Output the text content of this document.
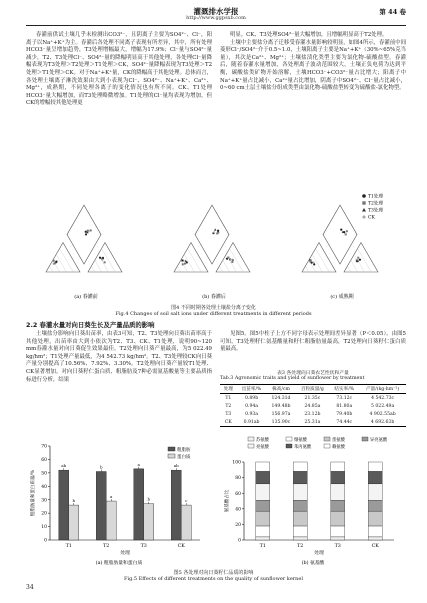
灌溉排水学报
http://www.ggpsxb.com
第 44 卷

春灌前供试土壤几乎未检测出CO3²⁻，且阴离子主要为SO4²⁻、Cl⁻，阳离子以Na⁺+K⁺为主。春灌后各处理不同离子表现有所差异，其中，所有处理HCO3⁻量呈增加趋势，T3处理增幅最大，增幅为17.9%；Cl⁻量与SO4²⁻量减少，T2、T3处理Cl⁻、SO4²⁻量的降幅明显高于其他处理，各处理Cl⁻量降幅表现为T3处理＞T2处理＞T1处理＞CK，SO4²⁻量降幅表现为T3处理＞T2处理＞T1处理＞CK。对于Na⁺+K⁺量，CK的降幅高于其他处理。总体而言，各处理土壤离子淋洗效果由大到小表现为Cl⁻、SO4²⁻、Na⁺+K⁺、Ca²⁺、Mg²⁺，成熟期，不同处理各离子的变化情况也有所不同。CK、T1处理HCO3⁻量大幅增加，而T3处理略微增加。T1处理的Cl⁻量均表现为增加，但CK的增幅较其他处理更

明显。CK、T3处理SO4²⁻量大幅增加，且增幅明显高于T2处理。

土壤中主要盐分离子迁移受春灌水量影响较明显，如图4所示，春灌前中间菱形Cl⁻/SO4²⁻介于0.5~1.0，土壤阳离子主要是Na⁺+K⁺（30%~65%克当量），其次是Ca²⁺、Mg²⁺；土壤盐渍化类型主要为氯化物-硫酸盐型。春灌后，随着春灌水量增加，各处理离子波动范围较大，土壤正负电荷为达到平衡，碳酸盐类矿物开始溶解，土壤HCO3⁻+CO3²⁻量占比增大；阳离子中Na⁺+K⁺量占比减小，Ca²⁺量占比增加，阴离子中SO4²⁻、Cl⁻量占比减小，0~60 cm土层土壤盐分组成类型由氯化物-硫酸盐型转变为硫酸盐-氯化物型。

T1处理
T2处理
T3处理
CK
(a) 春灌前	(b) 春灌后	(c) 成熟期
图4 不同时期各处理土壤盐分离子变化
Fig.4 Changes of soil salt ions under different treatments in different periods
2.2 春灌水量对向日葵生长及产量品质的影响

土壤盐分影响向日葵出苗率，由表3可知，T2、T3处理向日葵出苗率高于其他处理，出苗率由大到小依次为T2、T3、CK、T1处理，说明90~120 mm春灌水量对向日葵促生效果最佳。T2处理向日葵产量最高，为5 022.49 kg/hm²；T1处理产量最低，为4 542.73 kg/hm²。T2、T3处理较CK向日葵产量分别提高了10.56%、7.92%、3.30%。T2处理向日葵产量较T1处理、CK显著增加。对向日葵籽仁蛋白质、粗脂肪及7种必需氨基酸量等主要品质指标进行分析，结果

见图5。图5中柱子上方不同字母表示处理间差异显著（P＜0.05）。由图5可知，T3处理籽仁氨基酸量和籽仁粗脂肪量最高，T2处理向日葵籽仁蛋白质量最高。

表3 各处理向日葵农艺性状和产量
Tab.3 Agronomic traits and yield of sunflower by treatment
处理	出苗率/%	株高/cm	百粒质量/g	结实率/%	产量/(kg·hm⁻²)
T1	0.89b	124.31d	21.35c	73.12c	4 542.73c
T2	0.94a	149.48b	24.85a	81.80a	5 022.49a
T3	0.93a	156.97a	23.12b	79.40b	4 902.55ab
CK	0.91ab	135.90c	25.31a	74.44c	4 692.63b
0
10
20
30
40
50
60
70
粗脂肪量和蛋白质量/%
ab
b
T1
b
a
T2
a
b
T3
ab
c
CK
处理
粗脂肪
蛋白质
(a) 粗脂肪量和蛋白质
0
20
40
60
80
100
氨基酸占比
T1	T2	T3	CK
处理
苏氨酸	缬氨酸	蛋氨酸	异亮氨酸
亮氨酸	苯丙氨酸	赖氨酸
(b) 氨基酸
图5 各处理对向日葵籽仁品质的影响
Fig.5 Effects of different treatments on the quality of sunflower kernel
34
